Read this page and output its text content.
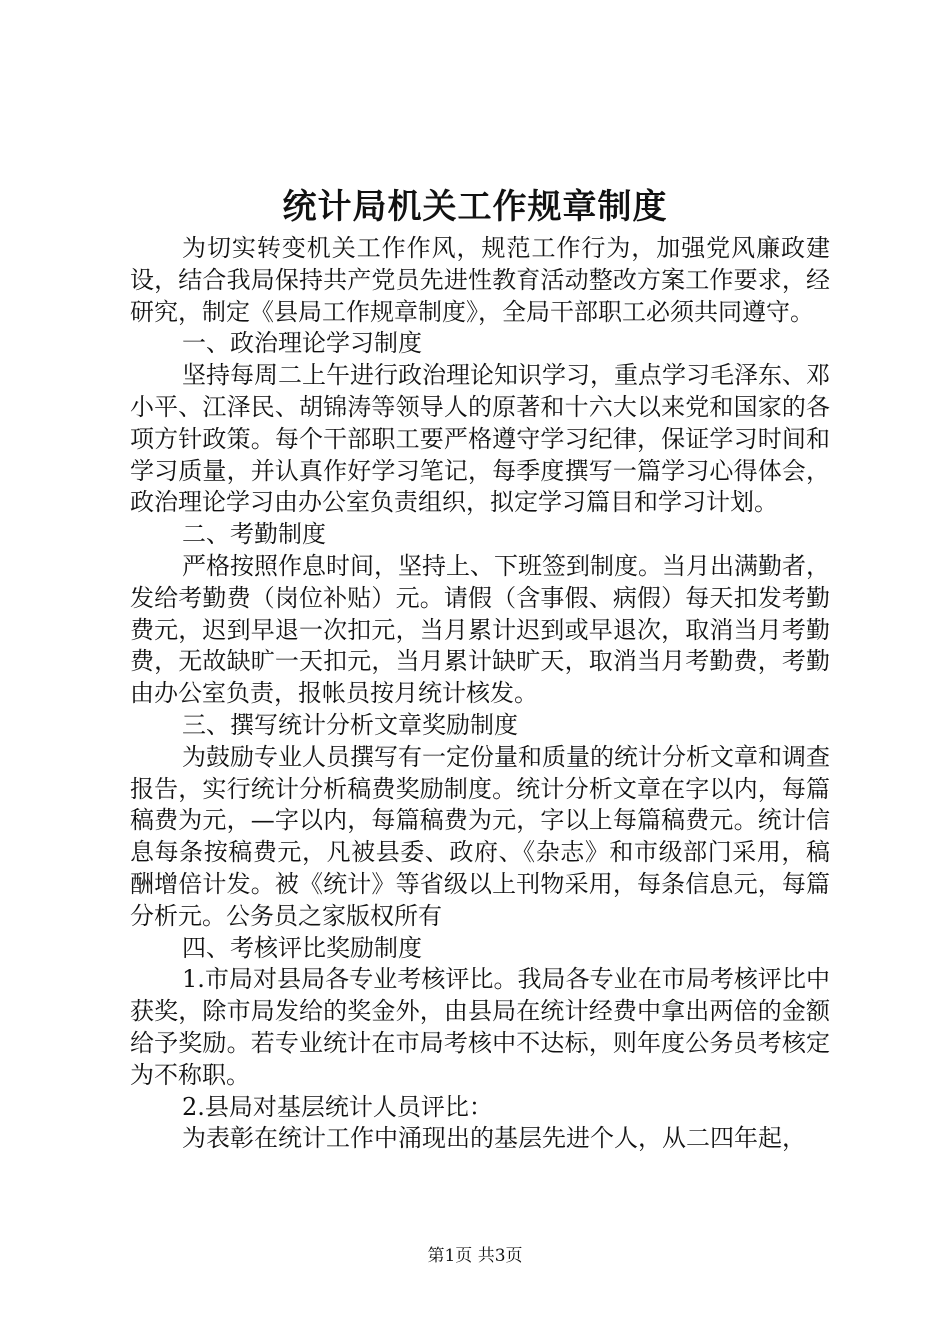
统计局机关工作规章制度

为切实转变机关工作作风，规范工作行为，加强党风廉政建设，结合我局保持共产党员先进性教育活动整改方案工作要求，经研究，制定《县局工作规章制度》，全局干部职工必须共同遵守。

一、政治理论学习制度

坚持每周二上午进行政治理论知识学习，重点学习毛泽东、邓小平、江泽民、胡锦涛等领导人的原著和十六大以来党和国家的各项方针政策。每个干部职工要严格遵守学习纪律，保证学习时间和学习质量，并认真作好学习笔记，每季度撰写一篇学习心得体会，政治理论学习由办公室负责组织，拟定学习篇目和学习计划。

二、考勤制度

严格按照作息时间，坚持上、下班签到制度。当月出满勤者，发给考勤费（岗位补贴）元。请假（含事假、病假）每天扣发考勤费元，迟到早退一次扣元，当月累计迟到或早退次，取消当月考勤费，无故缺旷一天扣元，当月累计缺旷天，取消当月考勤费，考勤由办公室负责，报帐员按月统计核发。

三、撰写统计分析文章奖励制度

为鼓励专业人员撰写有一定份量和质量的统计分析文章和调查报告，实行统计分析稿费奖励制度。统计分析文章在字以内，每篇稿费为元，—字以内，每篇稿费为元，字以上每篇稿费元。统计信息每条按稿费元，凡被县委、政府、《杂志》和市级部门采用，稿酬增倍计发。被《统计》等省级以上刊物采用，每条信息元，每篇分析元。公务员之家版权所有

四、考核评比奖励制度

1.市局对县局各专业考核评比。我局各专业在市局考核评比中获奖，除市局发给的奖金外，由县局在统计经费中拿出两倍的金额给予奖励。若专业统计在市局考核中不达标，则年度公务员考核定为不称职。

2.县局对基层统计人员评比：

为表彰在统计工作中涌现出的基层先进个人，从二四年起，

第1页 共3页
